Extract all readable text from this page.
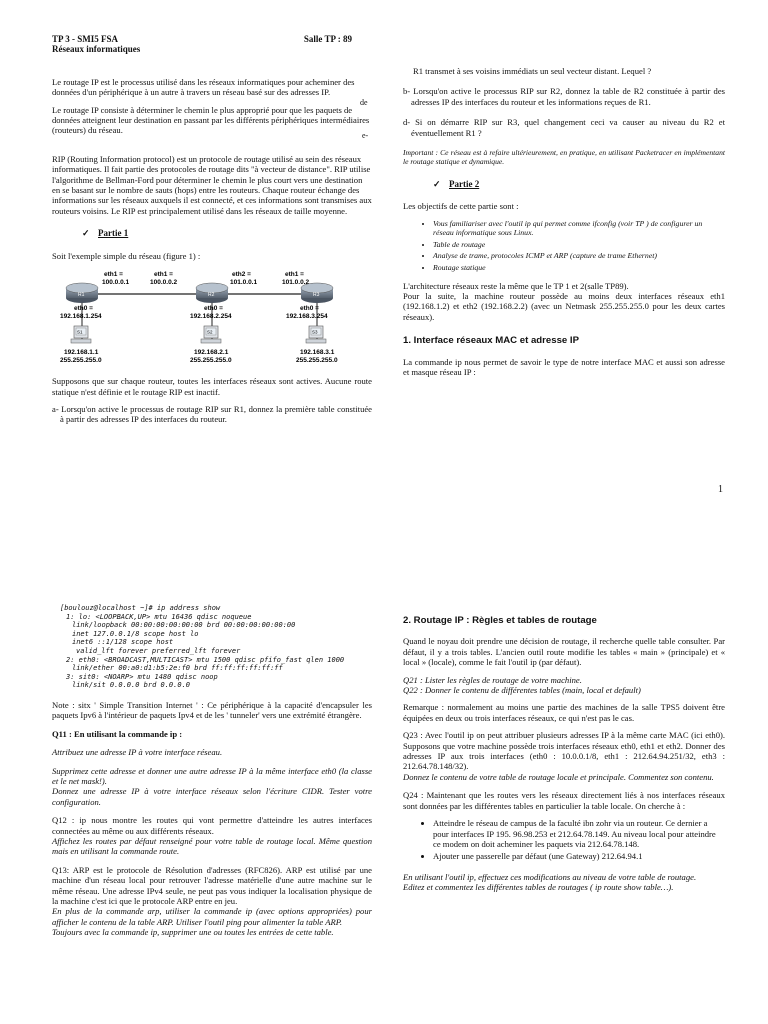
TP 3 - SMI5 FSA	Salle TP : 89
Réseaux informatiques

Le routage IP est le processus utilisé dans les réseaux informatiques pour acheminer des données d'un périphérique à un autre à travers un réseau basé sur des adresses IP.

Le routage IP consiste à déterminer le chemin le plus approprié pour que les paquets de données atteignent leur destination en passant par les différents périphériques intermédiaires (routeurs) du réseau.

RIP (Routing Information protocol) est un protocole de routage utilisé au sein des réseaux informatiques. Il fait partie des protocoles de routage dits "à vecteur de distance". RIP utilise l'algorithme de Bellman-Ford pour déterminer le chemin le plus court vers une destination en se basant sur le nombre de sauts (hops) entre les routeurs. Chaque routeur échange des informations sur les réseaux auxquels il est connecté, et ces informations sont transmises aux routeurs voisins. Le RIP est principalement utilisé dans les réseaux de taille moyenne.

✓ Partie 1

Soit l'exemple simple du réseau (figure 1) :

R1	R2	R3
eth1 =
100.0.0.1
eth1 =
100.0.0.2
eth2 =
101.0.0.1
eth1 =
101.0.0.2
eth0 =
192.168.1.254
eth0 =
192.168.2.254
eth0 =
192.168.3.254
S1	S2	S3
192.168.1.1
255.255.255.0
192.168.2.1
255.255.255.0
192.168.3.1
255.255.255.0

Supposons que sur chaque routeur, toutes les interfaces réseaux sont actives. Aucune route statique n'est définie et le routage RIP est inactif.

a- Lorsqu'on active le processus de routage RIP sur R1, donnez la première table constituée à partir des adresses IP des interfaces du routeur.

de
e-

R1 transmet à ses voisins immédiats un seul vecteur distant. Lequel ?

b- Lorsqu'on active le processus RIP sur R2, donnez la table de R2 constituée à partir des adresses IP des interfaces du routeur et les informations reçues de R1.

d- Si on démarre RIP sur R3, quel changement ceci va causer au niveau du R2 et éventuellement R1 ?

Important : Ce réseau est à refaire ultérieurement, en pratique, en utilisant Packetracer en implémentant le routage statique et dynamique.

✓ Partie 2

Les objectifs de cette partie sont :

• Vous familiariser avec l'outil ip qui permet comme ifconfig (voir TP ) de configurer un réseau informatique sous Linux.
• Table de routage
• Analyse de trame, protocoles ICMP et ARP (capture de trame Ethernet)
• Routage statique

L'architecture réseaux reste la même que le TP 1 et 2(salle TP89).

Pour la suite, la machine routeur possède au moins deux interfaces réseaux eth1 (192.168.1.2) et eth2 (192.168.2.2) (avec un Netmask 255.255.255.0 pour les deux cartes réseaux).

1. Interface réseaux MAC et adresse IP

La commande ip nous permet de savoir le type de notre interface MAC et aussi son adresse et masque réseau IP :

1
[boulouz@localhost ~]# ip address show
1: lo: <LOOPBACK,UP> mtu 16436 qdisc noqueue
link/loopback 00:00:00:00:00:00 brd 00:00:00:00:00:00
inet 127.0.0.1/8 scope host lo
inet6 ::1/128 scope host
valid_lft forever preferred_lft forever
2: eth0: <BROADCAST,MULTICAST> mtu 1500 qdisc pfifo_fast qlen 1000
link/ether 00:a0:d1:b5:2e:f0 brd ff:ff:ff:ff:ff:ff
3: sit0: <NOARP> mtu 1480 qdisc noop
link/sit 0.0.0.0 brd 0.0.0.0

Note : sitx ' Simple Transition Internet ' : Ce périphérique à la capacité d'encapsuler les paquets Ipv6 à l'intérieur de paquets Ipv4 et de les ' tunneler' vers une extrémité étrangère.

Q11 : En utilisant la commande ip :

Attribuez une adresse IP à votre interface réseau.

Supprimez cette adresse et donner une autre adresse IP à la même interface eth0 (la classe et le net mask!).

Donnez une adresse IP à votre interface réseaux selon l'écriture CIDR. Tester votre configuration.

Q12 : ip nous montre les routes qui vont permettre d'atteindre les autres interfaces connectées au même ou aux différents réseaux.

Affichez les routes par défaut renseigné pour votre table de routage local. Même question mais en utilisant la commande route.

Q13: ARP est le protocole de Résolution d'adresses (RFC826). ARP est utilisé par une machine d'un réseau local pour retrouver l'adresse matérielle d'une autre machine sur le même réseau. Une adresse IPv4 seule, ne peut pas vous indiquer la localisation physique de la machine c'est ici que le protocole ARP entre en jeu.

En plus de la commande arp, utiliser la commande ip (avec options appropriées) pour afficher le contenu de la table ARP. Utiliser l'outil ping pour alimenter la table ARP.

Toujours avec la commande ip, supprimer une ou toutes les entrées de cette table.

2. Routage IP : Règles et tables de routage

Quand le noyau doit prendre une décision de routage, il recherche quelle table consulter. Par défaut, il y a trois tables. L'ancien outil route modifie les tables « main » (principale) et « local » (locale), comme le fait l'outil ip (par défaut).

Q21 : Lister les règles de routage de votre machine.

Q22 : Donner le contenu de différentes tables (main, local et default)

Remarque : normalement au moins une partie des machines de la salle TPS5 doivent être équipées en deux ou trois interfaces réseaux, ce qui n'est pas le cas.

Q23 : Avec l'outil ip on peut attribuer plusieurs adresses IP à la même carte MAC (ici eth0). Supposons que votre machine possède trois interfaces réseaux eth0, eth1 et eth2. Donner des adresses IP aux trois interfaces (eth0 : 10.0.0.1/8, eth1 : 212.64.94.251/32, eth3 : 212.64.78.148/32).

Donnez le contenu de votre table de routage locale et principale. Commentez son contenu.

Q24 : Maintenant que les routes vers les réseaux directement liés à nos interfaces réseaux sont données par les différentes tables en particulier la table locale. On cherche à :

• Atteindre le réseau de campus de la faculté ibn zohr via un routeur. Ce dernier a pour interfaces IP 195. 96.98.253 et 212.64.78.149. Au niveau local pour atteindre ce modem on doit acheminer les paquets via 212.64.78.148.
• Ajouter une passerelle par défaut (une Gateway) 212.64.94.1

En utilisant l'outil ip, effectuez ces modifications au niveau de votre table de routage.

Editez et commentez les différentes tables de routages ( ip route show table…).
